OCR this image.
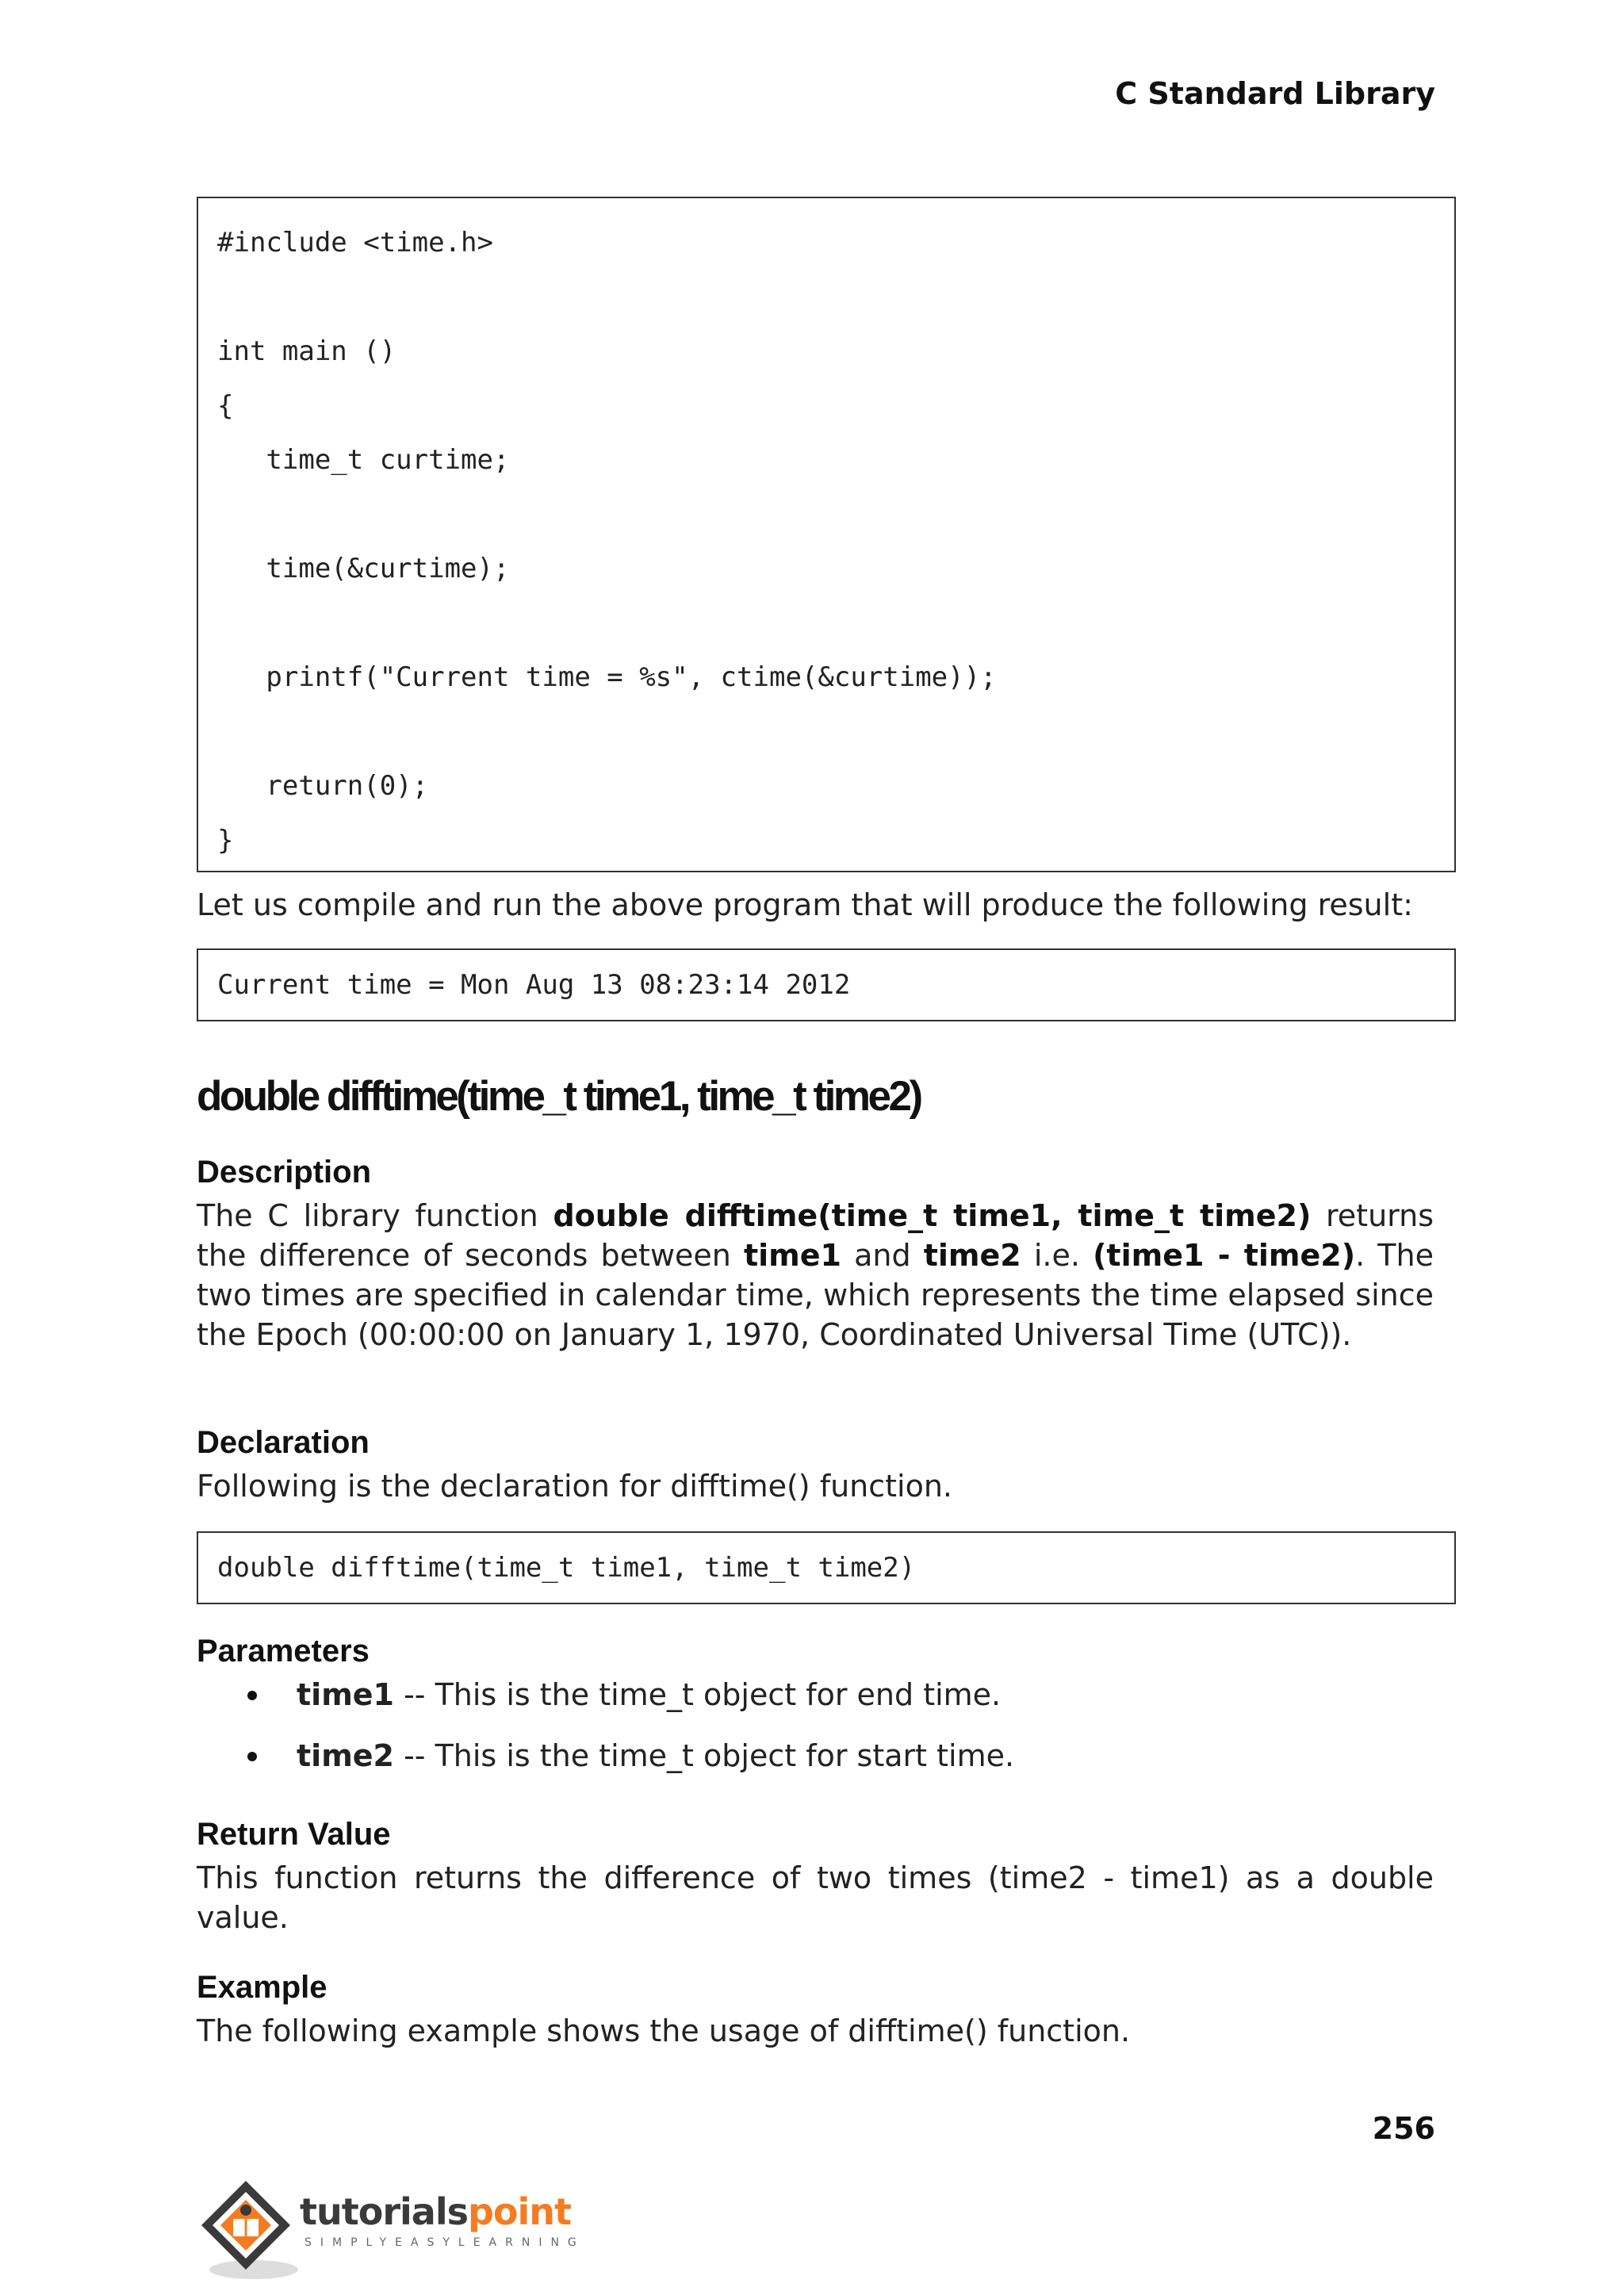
C Standard Library
#include <time.h>

int main ()
{
time_t curtime;

time(&curtime);

printf("Current time = %s", ctime(&curtime));

return(0);
}
Let us compile and run the above program that will produce the following result:
Current time = Mon Aug 13 08:23:14 2012
double difftime(time_t time1, time_t time2)
Description
The C library function double difftime(time_t time1, time_t time2) returns the difference of seconds between time1 and time2 i.e. (time1 - time2). The two times are specified in calendar time, which represents the time elapsed since the Epoch (00:00:00 on January 1, 1970, Coordinated Universal Time (UTC)).
Declaration
Following is the declaration for difftime() function.
double difftime(time_t time1, time_t time2)
Parameters
time1 -- This is the time_t object for end time.
time2 -- This is the time_t object for start time.
Return Value
This function returns the difference of two times (time2 - time1) as a double value.
Example
The following example shows the usage of difftime() function.
256
tutorialspoint
SIMPLYEASYLEARNING
